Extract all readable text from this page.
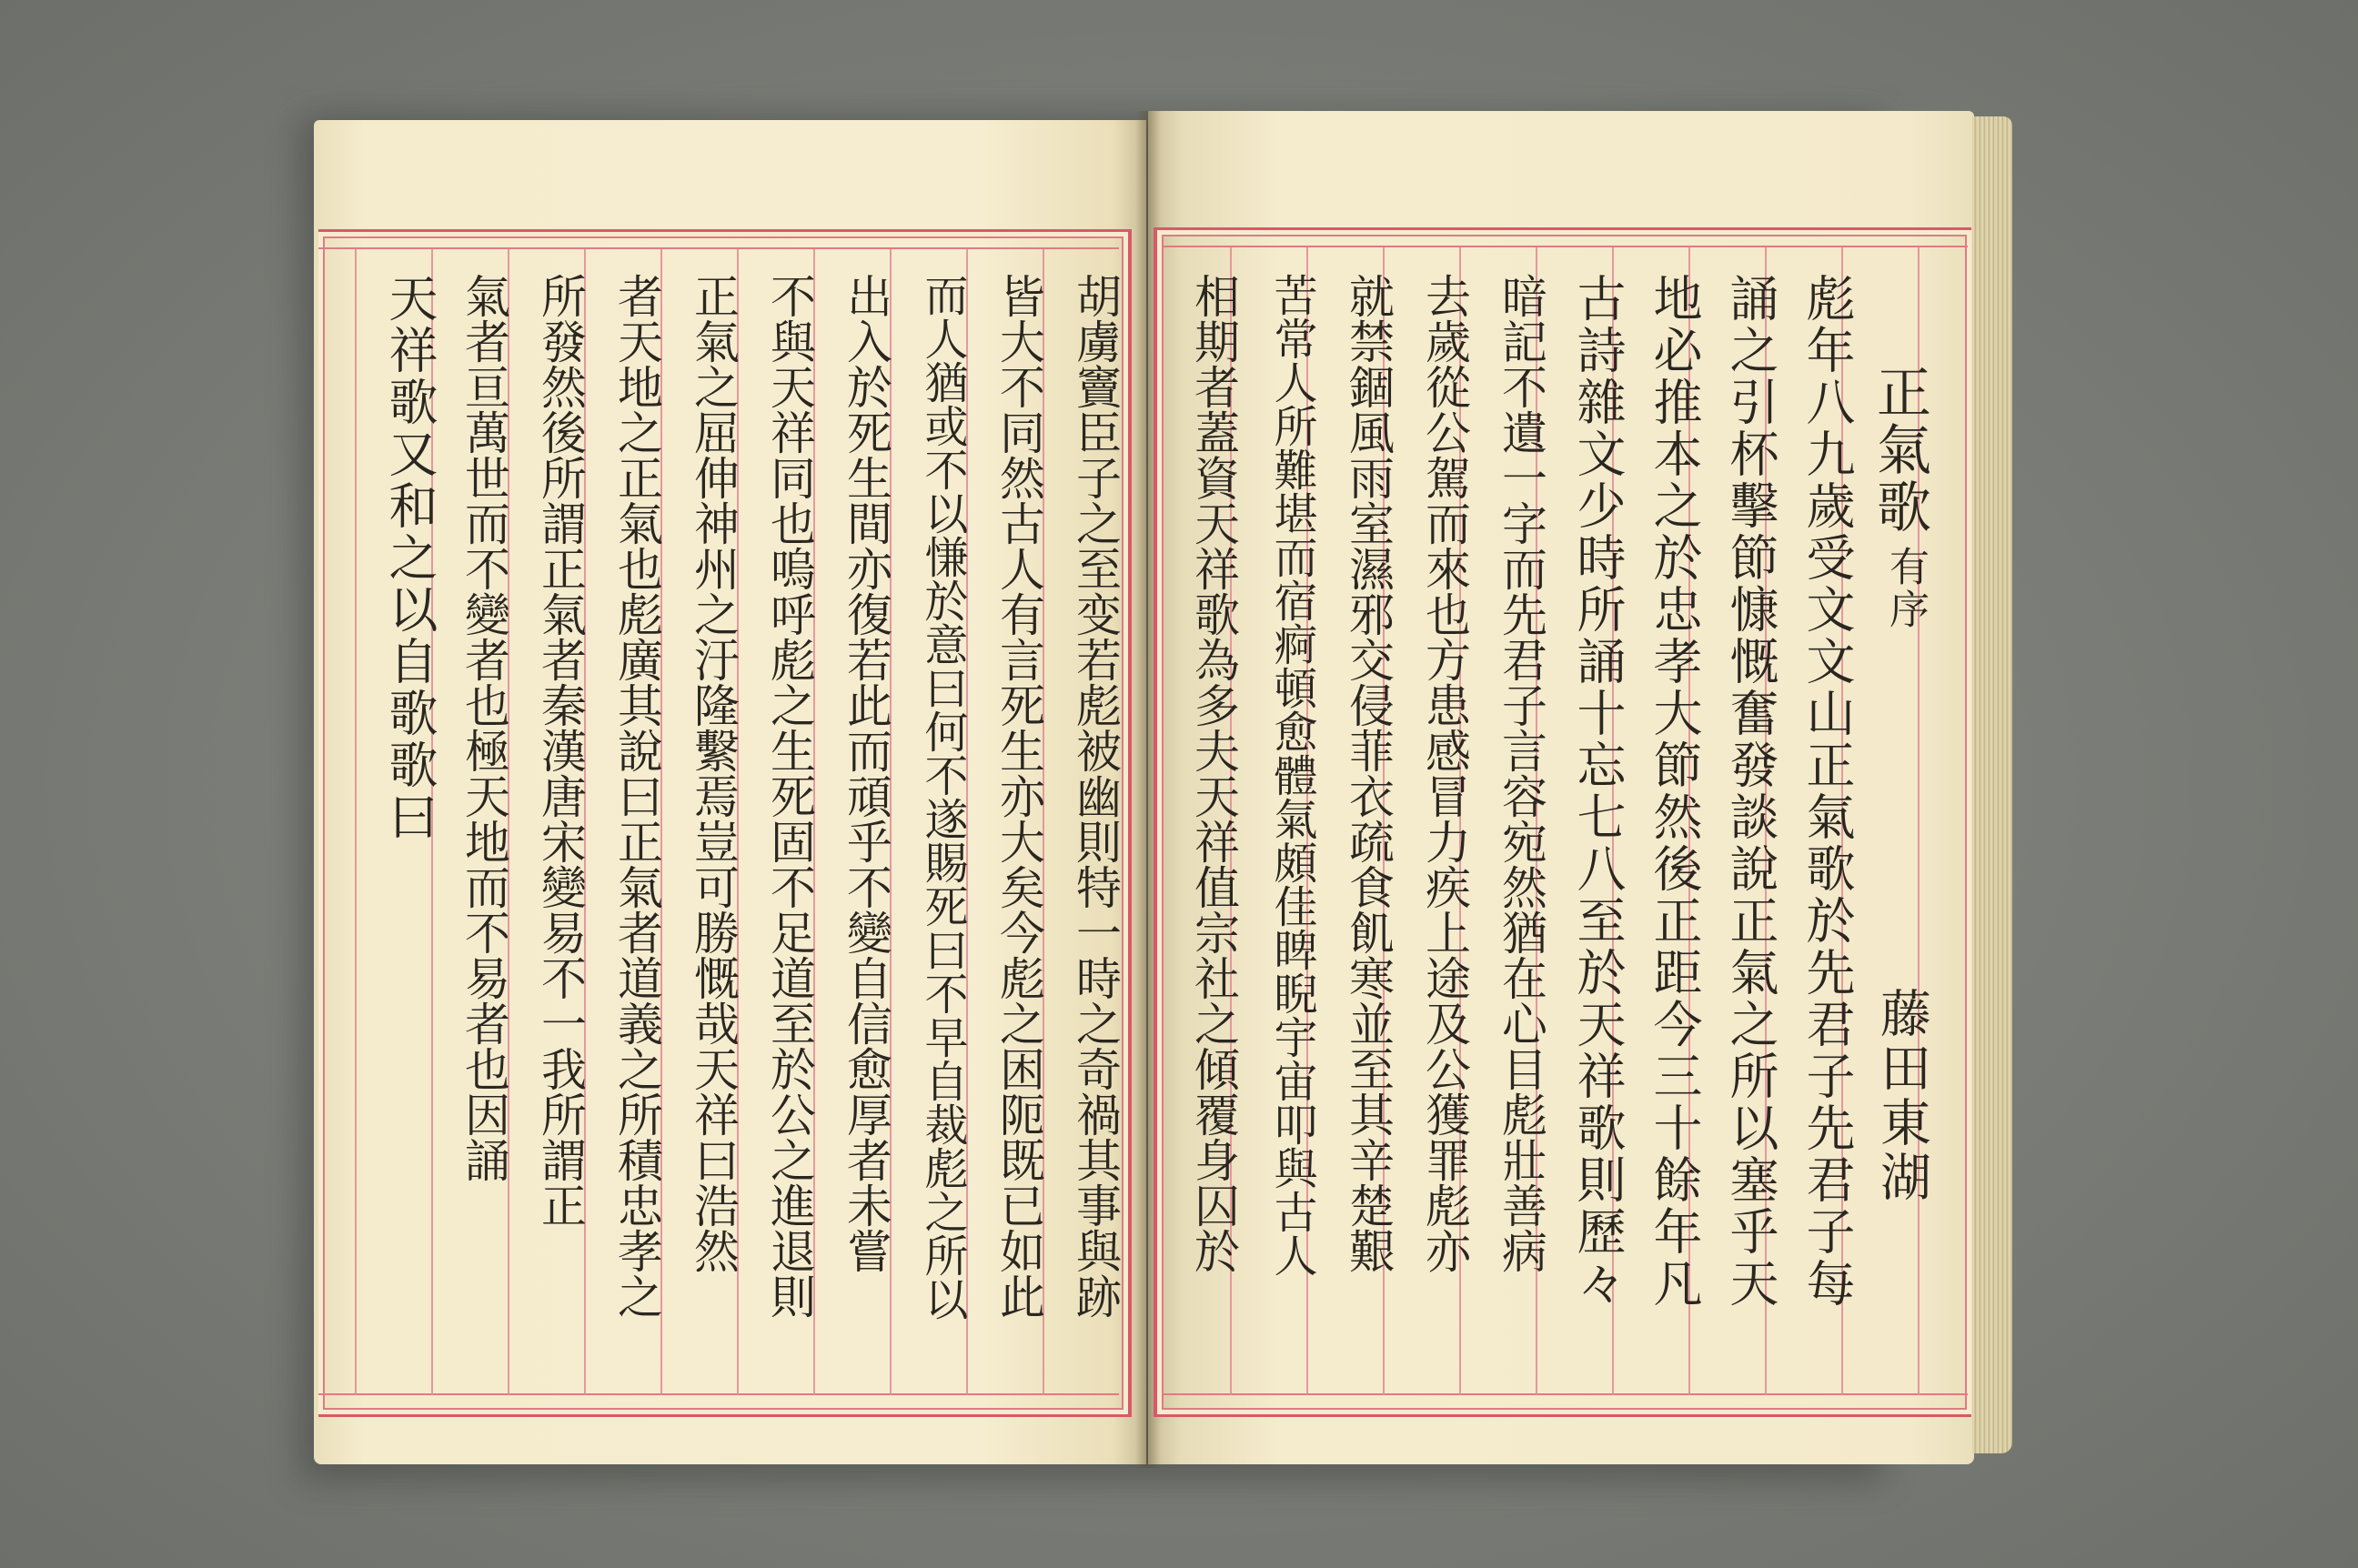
正氣歌
有序
藤田東湖
彪年八九歲受文文山正氣歌於先君子先君子每
誦之引杯擊節慷慨奮發談說正氣之所以塞乎天
地必推本之於忠孝大節然後正距今三十餘年凡
古詩雜文少時所誦十忘七八至於天祥歌則歷々
暗記不遺一字而先君子言容宛然猶在心目彪壯善病
去歲從公駕而來也方患感冒力疾上途及公獲罪彪亦
就禁錮風雨室濕邪交侵菲衣疏食飢寒並至其辛楚艱
苦常人所難堪而宿痾頓愈體氣頗佳睥睨宇宙叩與古人
相期者蓋資天祥歌為多夫天祥值宗社之傾覆身囚於
胡虜竇臣子之至变若彪被幽則特一時之奇禍其事與跡
皆大不同然古人有言死生亦大矣今彪之困阨既已如此
而人猶或不以慊於意曰何不遂賜死曰不早自裁彪之所以
出入於死生間亦復若此而頑乎不變自信愈厚者未嘗
不與天祥同也嗚呼彪之生死固不足道至於公之進退則
正氣之屈伸神州之汙隆繫焉豈可勝慨哉天祥曰浩然
者天地之正氣也彪廣其說曰正氣者道義之所積忠孝之
所發然後所謂正氣者秦漢唐宋變易不一我所謂正
氣者亘萬世而不變者也極天地而不易者也因誦
天祥歌又和之以自歌歌曰
